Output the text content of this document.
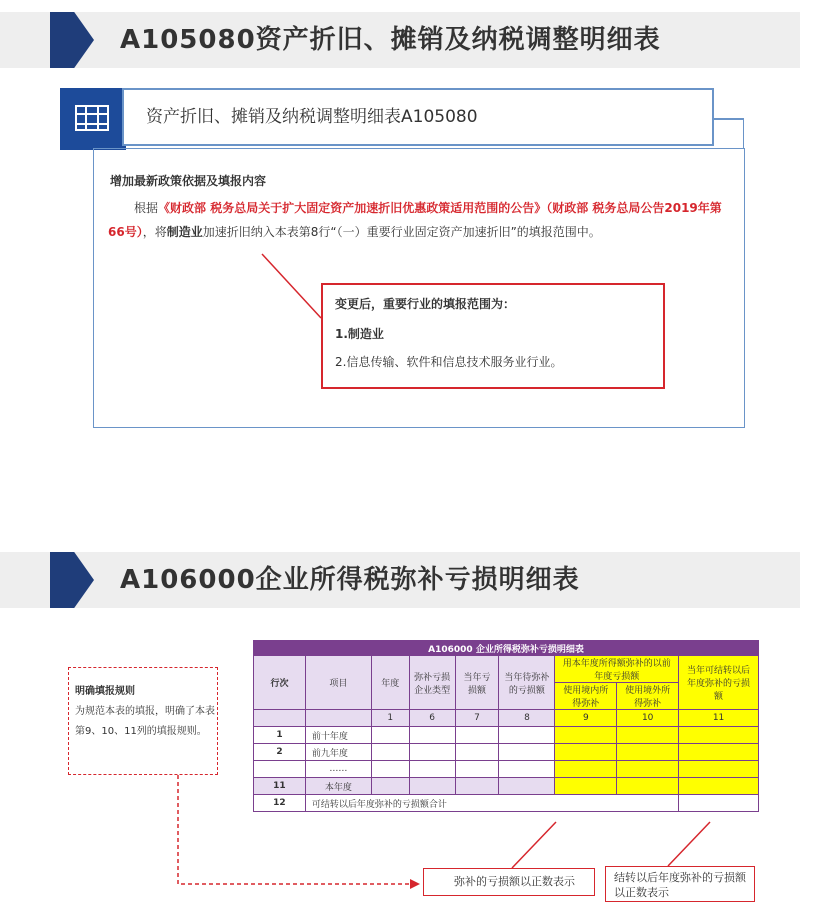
A105080资产折旧、摊销及纳税调整明细表
资产折旧、摊销及纳税调整明细表A105080
增加最新政策依据及填报内容
根据《财政部 税务总局关于扩大固定资产加速折旧优惠政策适用范围的公告》（财政部 税务总局公告2019年第66号），将制造业加速折旧纳入本表第8行“（一）重要行业固定资产加速折旧”的填报范围中。
变更后，重要行业的填报范围为：
1.制造业
2.信息传输、软件和信息技术服务业行业。
A106000企业所得税弥补亏损明细表
A106000 企业所得税弥补亏损明细表								
行次	项目	年度	弥补亏损企业类型	当年亏损额	当年待弥补的亏损额	用本年度所得额弥补的以前年度亏损额		当年可结转以后年度弥补的亏损额
						使用境内所得弥补	使用境外所得弥补	
		1	6	7	8	9	10	11
1	前十年度							
2	前九年度							
	……							
11	本年度							
12	可结转以后年度弥补的亏损额合计							
明确填报规则
为规范本表的填报，明确了本表第9、10、11列的填报规则。
弥补的亏损额以正数表示	结转以后年度弥补的亏损额以正数表示
